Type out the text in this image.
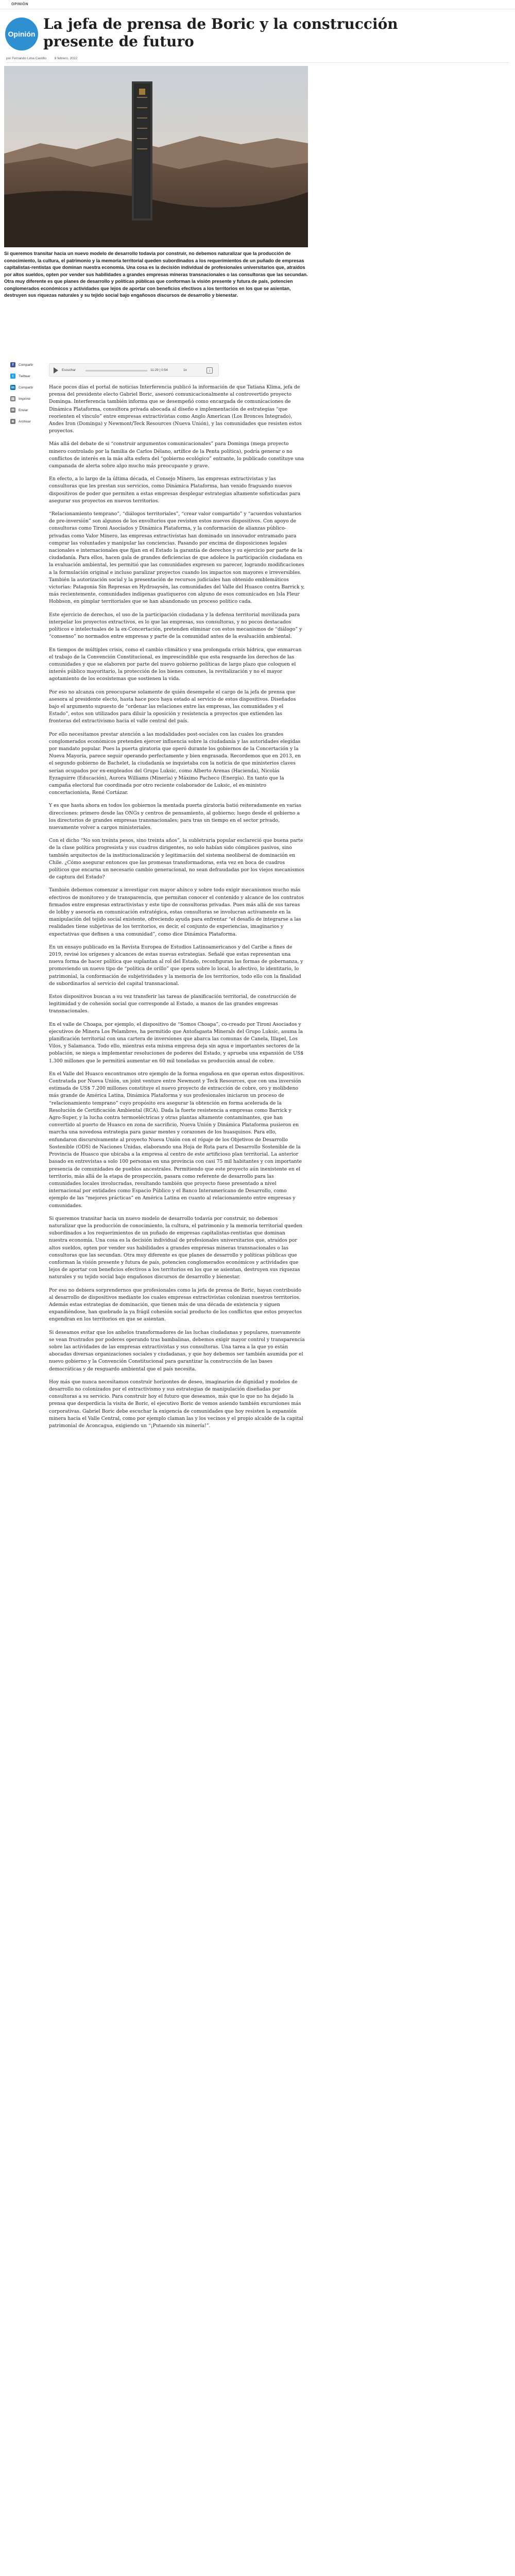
OPINIÓN
Opinión
La jefa de prensa de Boric y la construcción presente de futuro
por Fernando Lima Castillo 8 febrero, 2022

Si queremos transitar hacia un nuevo modelo de desarrollo todavía por construir, no debemos naturalizar que la producción de conocimiento, la cultura, el patrimonio y la memoria territorial queden subordinados a los requerimientos de un puñado de empresas capitalistas-rentistas que dominan nuestra economía. Una cosa es la decisión individual de profesionales universitarios que, atraídos por altos sueldos, opten por vender sus habilidades a grandes empresas mineras transnacionales o las consultoras que las secundan. Otra muy diferente es que planes de desarrollo y políticas públicas que conforman la visión presente y futura de país, potencien conglomerados económicos y actividades que lejos de aportar con beneficios efectivos a los territorios en los que se asientan, destruyen sus riquezas naturales y su tejido social bajo engañosos discursos de desarrollo y bienestar.

f	Compartir
t	Twittear
in Compartir
▤ Imprimir
✉	Enviar
★ Archivar
Escuchar	11:29 | 0:54	1x	↓

Hace pocos días el portal de noticias Interferencia publicó la información de que Tatiana Klima, jefa de prensa del presidente electo Gabriel Boric, asesoró comunicacionalmente al controvertido proyecto Dominga. Interferencia también informa que se desempeñó como encargada de comunicaciones de Dinámica Plataforma, consultora privada abocada al diseño e implementación de estrategias “que reorienten el vínculo” entre empresas extractivistas como Anglo American (Los Bronces Integrado), Andes Iron (Dominga) y Newmont/Teck Resources (Nueva Unión), y las comunidades que resisten estos proyectos.

Más allá del debate de si “construir argumentos comunicacionales” para Dominga (mega proyecto minero controlado por la familia de Carlos Délano, artífice de la Penta política), podría generar o no conflictos de interés en la más alta esfera del “gobierno ecológico” entrante, lo publicado constituye una campanada de alerta sobre algo mucho más preocupante y grave.

En efecto, a lo largo de la última década, el Consejo Minero, las empresas extractivistas y las consultoras que les prestan sus servicios, como Dinámica Plataforma, han venido fraguando nuevos dispositivos de poder que permiten a estas empresas desplegar estrategias altamente sofisticadas para asegurar sus proyectos en nuevos territorios.

“Relacionamiento temprano”, “diálogos territoriales”, “crear valor compartido” y “acuerdos voluntarios de pre-inversión” son algunos de los envoltorios que revisten estos nuevos dispositivos. Con apoyo de consultoras como Tironi Asociados y Dinámica Plataforma, y la conformación de alianzas público-privadas como Valor Minero, las empresas extractivistas han dominado un innovador entramado para comprar las voluntades y manipular las conciencias. Pasando por encima de disposiciones legales nacionales e internacionales que fijan en el Estado la garantía de derechos y su ejercicio por parte de la ciudadanía. Para ellos, hacen gala de grandes deficiencias de que adolece la participación ciudadana en la evaluación ambiental, les permitió que las comunidades expresen su parecer, logrando modificaciones a la formulación original e incluso paralizar proyectos cuando los impactos son mayores e irreversibles. También la autorización social y la presentación de recursos judiciales han obtenido emblemáticos victorias: Patagonia Sin Represas en Hydroaysén, las comunidades del Valle del Huasco contra Barrick y, más recientemente, comunidades indígenas guatiqueros con alguno de esos comunicados en Isla Fleur Hobbson, en pimplar territoriales que se han abandonado un proceso político cada.

Este ejercicio de derechos, el uso de la participación ciudadana y la defensa territorial movilizada para interpelar los proyectos extractivos, es lo que las empresas, sus consultoras, y no pocos destacados políticos e intelectuales de la ex-Concertación, pretenden eliminar con estos mecanismos de “diálogo” y “consenso” no normados entre empresas y parte de la comunidad antes de la evaluación ambiental.

En tiempos de múltiples crisis, como el cambio climático y una prolongada crisis hídrica, que enmarcan el trabajo de la Convención Constitucional, es imprescindible que esta resguarde los derechos de las comunidades y que se elaboren por parte del nuevo gobierno políticas de largo plazo que coloquen el interés público mayoritario, la protección de los bienes comunes, la revitalización y no el mayor agotamiento de los ecosistemas que sostienen la vida.

Por eso no alcanza con preocuparse solamente de quién desempeñe el cargo de la jefa de prensa que asesora al presidente electo, hasta hace poco haya estado al servicio de estos dispositivos. Diseñados bajo el argumento supuesto de “ordenar las relaciones entre las empresas, las comunidades y el Estado”, estos son utilizados para diluir la oposición y resistencia a proyectos que extienden las fronteras del extractivismo hacia el valle central del país.

Por ello necesitamos prestar atención a las modalidades post-sociales con las cuales los grandes conglomerados económicos pretenden ejercer influencia sobre la ciudadanía y las autoridades elegidas por mandato popular. Pues la puerta giratoria que operó durante los gobiernos de la Concertación y la Nueva Mayoría, parece seguir operando perfectamente y bien engrasada. Recordemos que en 2013, en el segundo gobierno de Bachelet, la ciudadanía se inquietaba con la noticia de que ministerios claves serían ocupados por ex-empleados del Grupo Luksic, como Alberto Arenas (Hacienda), Nicolás Eyzaguirre (Educación), Aurora Williams (Minería) y Máximo Pacheco (Energía). En tanto que la campaña electoral fue coordinada por otro reciente colaborador de Luksic, el ex-ministro concertacionista, René Cortázar.

Y es que hasta ahora en todos los gobiernos la mentada puerta giratoria batió reiteradamente en varias direcciones: primero desde las ONGs y centros de pensamiento, al gobierno; luego desde el gobierno a los directorios de grandes empresas transnacionales; para tras un tiempo en el sector privado, nuevamente volver a cargos ministeriales.

Con el dicho “No son treinta pesos, sino treinta años”, la subletraria popular esclareció que buena parte de la clase política progresista y sus cuadros dirigentes, no solo habían sido cómplices pasivos, sino también arquitectos de la institucionalización y legitimación del sistema neoliberal de dominación en Chile. ¿Cómo asegurar entonces que las promesas transformadoras, esta vez en boca de cuadros políticos que encarna un necesario cambio generacional, no sean defraudadas por los viejos mecanismos de captura del Estado?

También debemos comenzar a investigar con mayor ahínco y sobre todo exigir mecanismos mucho más efectivos de monitoreo y de transparencia, que permitan conocer el contenido y alcance de los contratos firmados entre empresas extractivistas y este tipo de consultoras privadas. Pues más allá de sus tareas de lobby y asesoría en comunicación estratégica, estas consultoras se involucran activamente en la manipulación del tejido social existente, ofreciendo ayuda para enfrentar “el desafío de integrarse a las realidades tiene subjetivas de los territorios, es decir, el conjunto de experiencias, imaginarios y expectativas que definen a una comunidad”, como dice Dinámica Plataforma.

En un ensayo publicado en la Revista Europea de Estudios Latinoamericanos y del Caribe a fines de 2019, revisé los orígenes y alcances de estas nuevas estrategias. Señalé que estas representan una nueva forma de hacer política que suplantan al rol del Estado, reconfiguran las formas de gobernanza, y promoviendo un nuevo tipo de “política de orillo” que opera sobre lo local, lo afectivo, lo identitario, lo patrimonial, la conformación de subjetividades y la memoria de los territorios, todo ello con la finalidad de subordinarlos al servicio del capital transnacional.

Estos dispositivos buscan a su vez transferir las tareas de planificación territorial, de construcción de legitimidad y de cohesión social que corresponde al Estado, a manos de las grandes empresas transnacionales.

En el valle de Choapa, por ejemplo, el dispositivo de “Somos Choapa”, co-creado por Tironi Asociados y ejecutivos de Minera Los Pelambres, ha permitido que Antofagasta Minerals del Grupo Luksic, asuma la planificación territorial con una cartera de inversiones que abarca las comunas de Canela, Illapel, Los Vilos, y Salamanca. Todo ello, mientras esta misma empresa deja sin agua e importantes sectores de la población, se niega a implementar resoluciones de poderes del Estado, y aprueba una expansión de US$ 1.300 millones que le permitirá aumentar en 60 mil toneladas su producción anual de cobre.

En el Valle del Huasco encontramos otro ejemplo de la forma engañosa en que operan estos dispositivos. Contratada por Nueva Unión, un joint venture entre Newmont y Teck Resources, que con una inversión estimada de US$ 7.200 millones constituye el nuevo proyecto de extracción de cobre, oro y molibdeno más grande de América Latina, Dinámica Plataforma y sus profesionales iniciaron un proceso de “relacionamiento temprano” cuyo propósito era asegurar la obtención en forma acelerada de la Resolución de Certificación Ambiental (RCA). Dada la fuerte resistencia a empresas como Barrick y Agro-Super, y la lucha contra termoeléctricas y otras plantas altamente contaminantes, que han convertido al puerto de Huasco en zona de sacrificio, Nueva Unión y Dinámica Plataforma pusieron en marcha una novedosa estrategia para ganar mentes y corazones de los huasquinos. Para ello, enfundaron discursivamente al proyecto Nueva Unión con el rópaje de los Objetivos de Desarrollo Sostenible (ODS) de Naciones Unidas, elaborando una Hoja de Ruta para el Desarrollo Sostenible de la Provincia de Huasco que ubicaba a la empresa al centro de este artificioso plan territorial. La anterior basado en entrevistas a solo 100 personas en una provincia con casi 75 mil habitantes y con importante presencia de comunidades de pueblos ancestrales. Permitiendo que este proyecto aún inexistente en el territorio, más allá de la etapa de prospección, pasara como referente de desarrollo para las comunidades locales involucradas, resultando también que proyecto fuese presentado a nivel internacional por entidades como Espacio Público y el Banco Interamericano de Desarrollo, como ejemplo de las “mejores prácticas” en América Latina en cuanto al relacionamiento entre empresas y comunidades.

Si queremos transitar hacia un nuevo modelo de desarrollo todavía por construir, no debemos naturalizar que la producción de conocimiento, la cultura, el patrimonio y la memoria territorial queden subordinados a los requerimientos de un puñado de empresas capitalistas-rentistas que dominan nuestra economía. Una cosa es la decisión individual de profesionales universitarios que, atraídos por altos sueldos, opten por vender sus habilidades a grandes empresas mineras transnacionales o las consultoras que las secundan. Otra muy diferente es que planes de desarrollo y políticas públicas que conforman la visión presente y futura de país, potencien conglomerados económicos y actividades que lejos de aportar con beneficios efectivos a los territorios en los que se asientan, destruyen sus riquezas naturales y su tejido social bajo engañosos discursos de desarrollo y bienestar.

Por eso no debiera sorprendernos que profesionales como la jefa de prensa de Boric, hayan contribuido al desarrollo de dispositivos mediante los cuales empresas extractivistas colonizan nuestros territorios. Además estas estrategias de dominación, que tienen más de una década de existencia y siguen expandiéndose, han quebrado la ya frágil cohesión social producto de los conflictos que estos proyectos engendran en los territorios en que se asientan.

Si deseamos evitar que los anhelos transformadores de las luchas ciudadanas y populares, nuevamente se vean frustrados por poderes operando tras bambalinas, debemos exigir mayor control y transparencia sobre las actividades de las empresas extractivistas y sus consultoras. Una tarea a la que yo están abocadas diversas organizaciones sociales y ciudadanas, y que hoy debemos ser también asumida por el nuevo gobierno y la Convención Constitucional para garantizar la construcción de las bases democráticas y de resguardo ambiental que el país necesita.

Hoy más que nunca necesitamos construir horizontes de deseo, imaginarios de dignidad y modelos de desarrollo no colonizados por el extractivismo y sus estrategias de manipulación diseñadas por consultoras a su servicio. Para construir hoy el futuro que deseamos, más que lo que no ha dejado la prensa que desperdicia la visita de Boric, el ejecutivo Boric de vemos asiendo también excursiones más corporativas. Gabriel Boric debe escuchar la exigencia de comunidades que hoy resisten la expansión minera hacia el Valle Central, como por ejemplo claman las y los vecinos y el propio alcalde de la capital patrimonial de Aconcagua, exigiendo un “¡Putaendo sin minería!”.
